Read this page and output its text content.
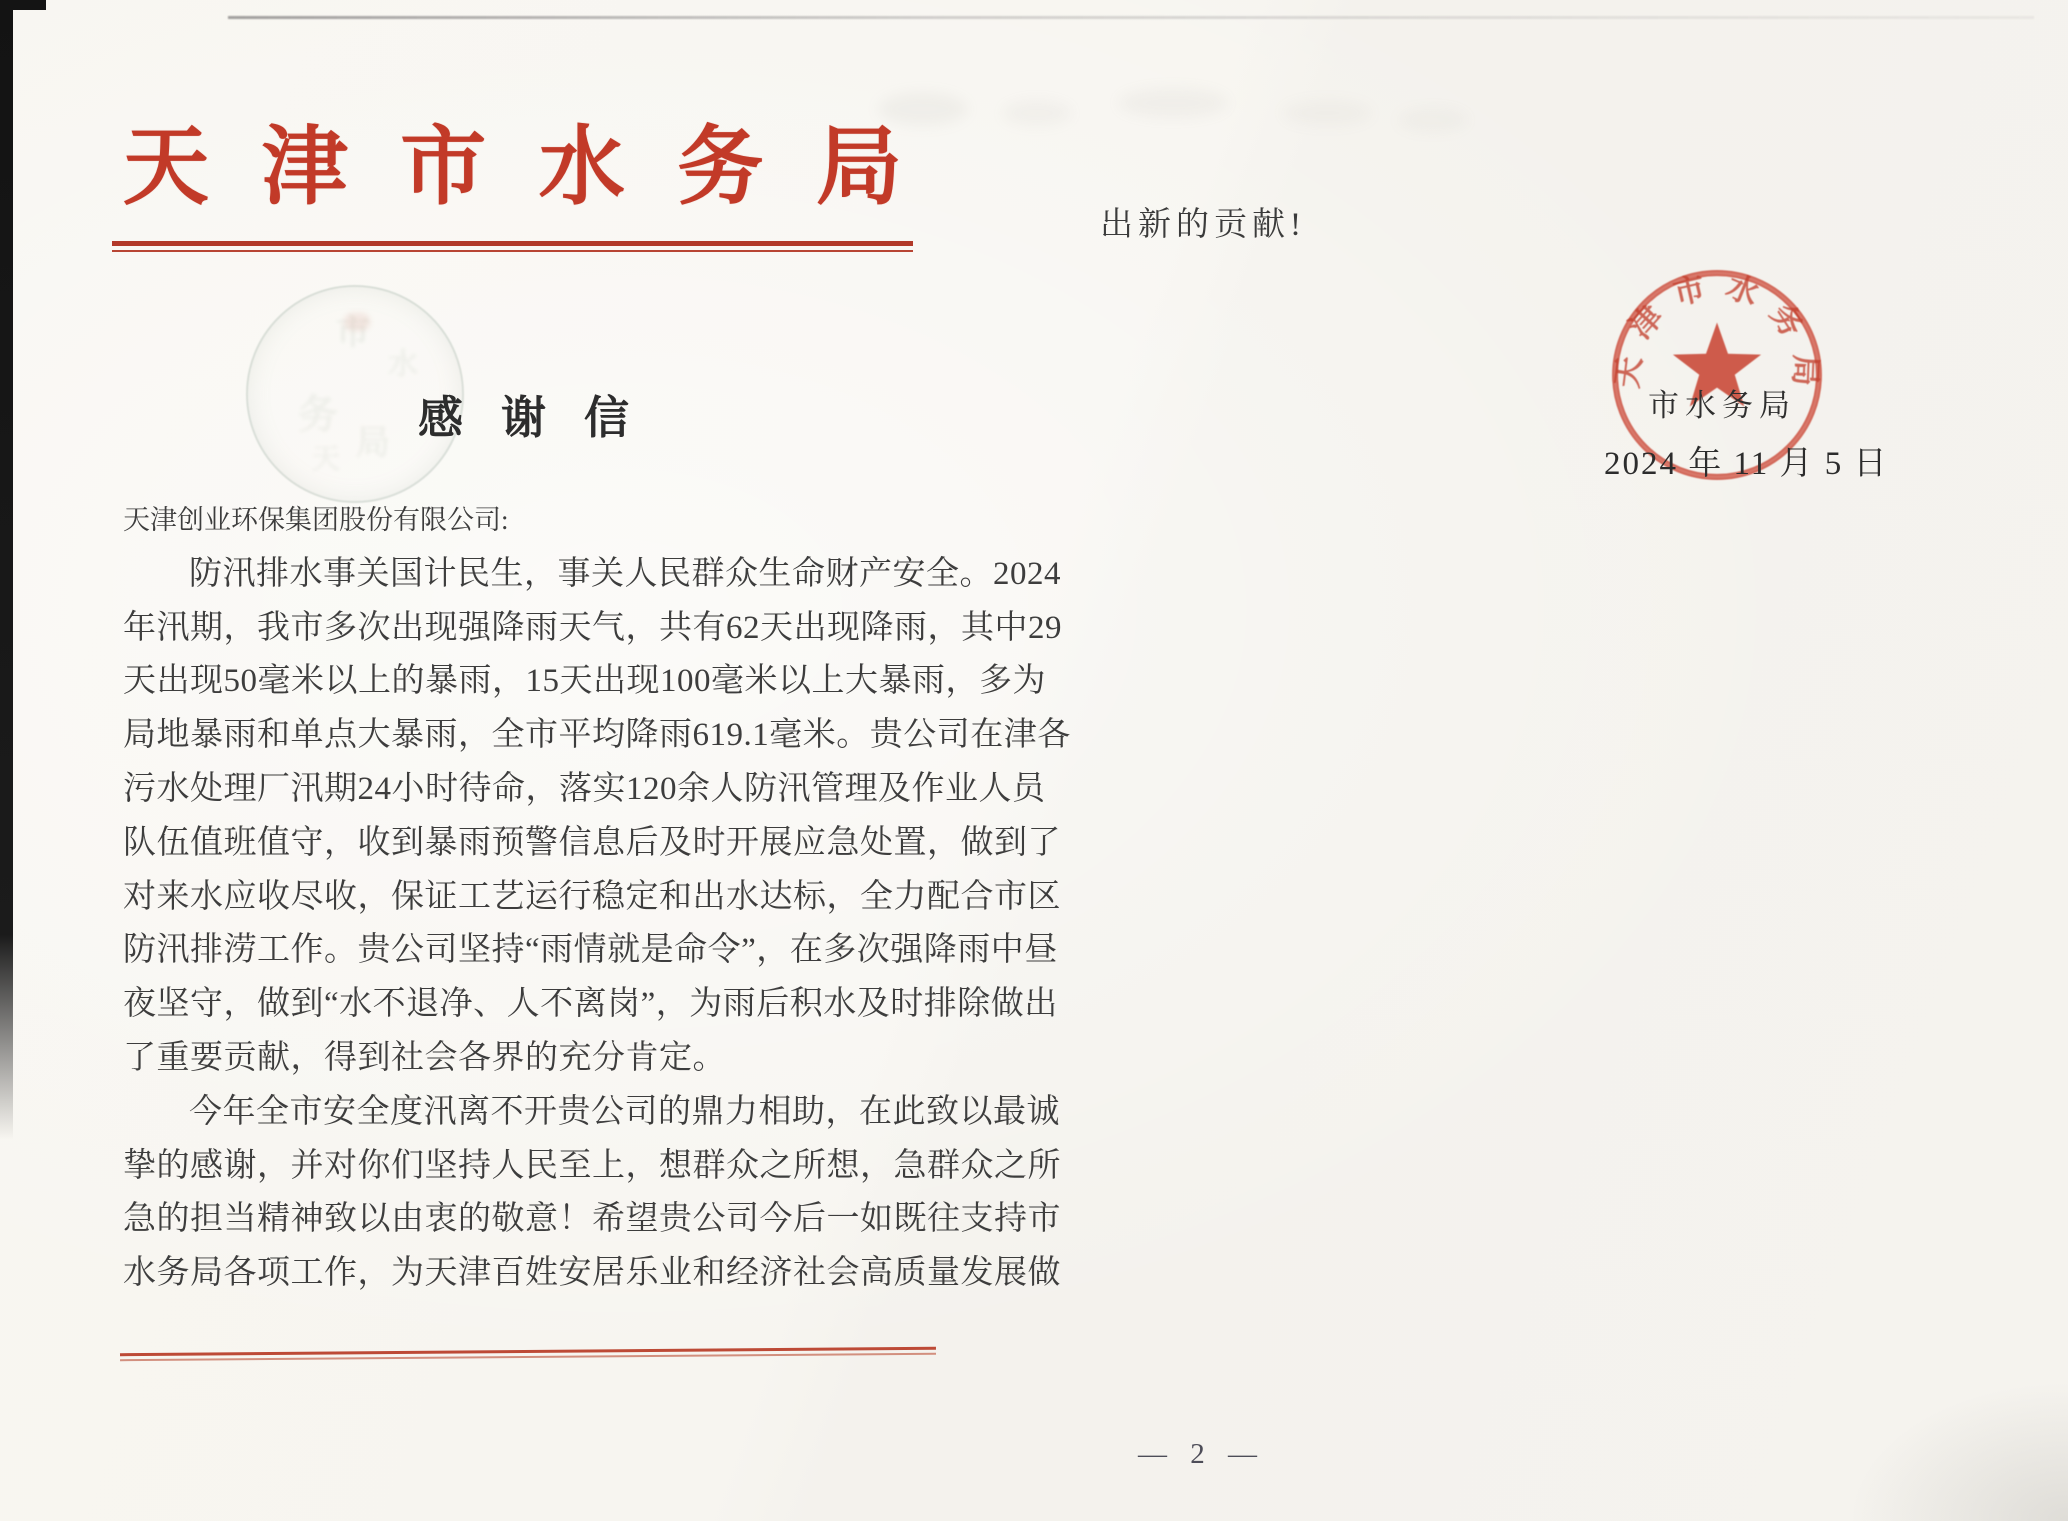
天 津 市 水 务 局
市
水
务
局
天
感谢信
天津创业环保集团股份有限公司:
防汛排水事关国计民生，事关人民群众生命财产安全。2024
年汛期，我市多次出现强降雨天气，共有62天出现降雨，其中29
天出现50毫米以上的暴雨，15天出现100毫米以上大暴雨，多为
局地暴雨和单点大暴雨，全市平均降雨619.1毫米。贵公司在津各
污水处理厂汛期24小时待命，落实120余人防汛管理及作业人员
队伍值班值守，收到暴雨预警信息后及时开展应急处置，做到了
对来水应收尽收，保证工艺运行稳定和出水达标，全力配合市区
防汛排涝工作。贵公司坚持“雨情就是命令”，在多次强降雨中昼
夜坚守，做到“水不退净、人不离岗”，为雨后积水及时排除做出
了重要贡献，得到社会各界的充分肯定。
今年全市安全度汛离不开贵公司的鼎力相助，在此致以最诚
挚的感谢，并对你们坚持人民至上，想群众之所想，急群众之所
急的担当精神致以由衷的敬意！希望贵公司今后一如既往支持市
水务局各项工作，为天津百姓安居乐业和经济社会高质量发展做
出新的贡献!
天津市水务局
市水务局
2024 年 11 月 5 日
— 2 —
